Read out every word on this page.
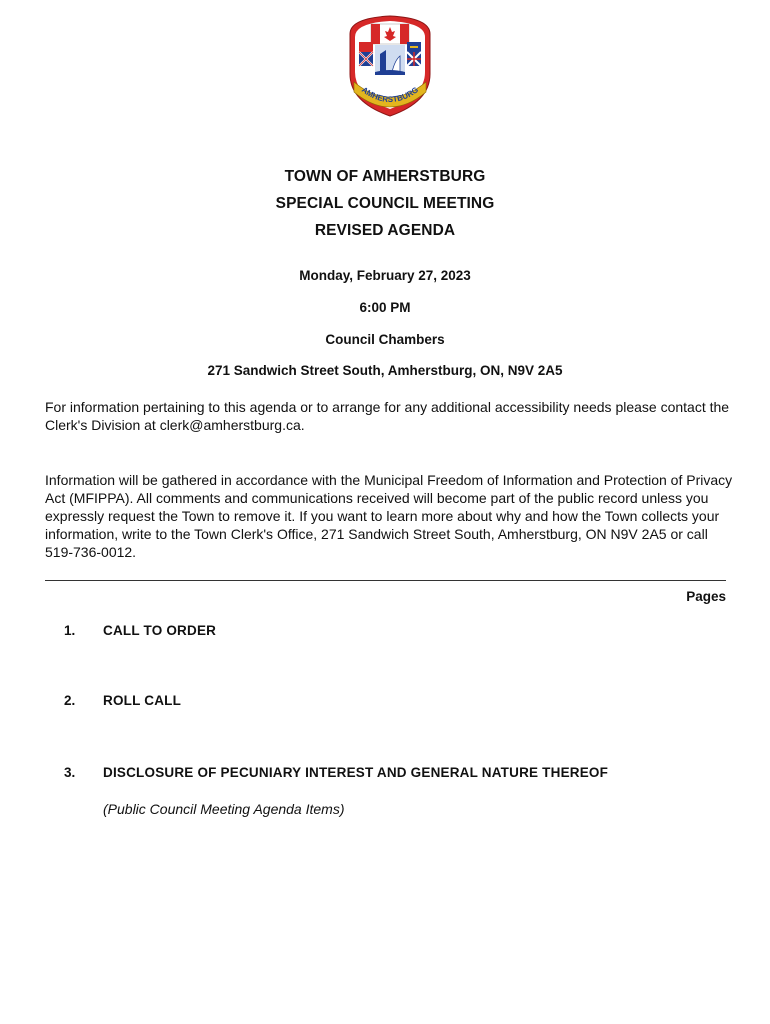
AMHERSTBURG
TOWN OF AMHERSTBURG
SPECIAL COUNCIL MEETING
REVISED AGENDA
Monday, February 27, 2023
6:00 PM
Council Chambers
271 Sandwich Street South, Amherstburg, ON, N9V 2A5

For information pertaining to this agenda or to arrange for any additional accessibility needs please contact the Clerk's Division at clerk@amherstburg.ca.

Information will be gathered in accordance with the Municipal Freedom of Information and Protection of Privacy Act (MFIPPA). All comments and communications received will become part of the public record unless you expressly request the Town to remove it. If you want to learn more about why and how the Town collects your information, write to the Town Clerk's Office, 271 Sandwich Street South, Amherstburg, ON N9V 2A5 or call 519-736-0012.

Pages
1. CALL TO ORDER
2. ROLL CALL
3. DISCLOSURE OF PECUNIARY INTEREST AND GENERAL NATURE THEREOF
(Public Council Meeting Agenda Items)
